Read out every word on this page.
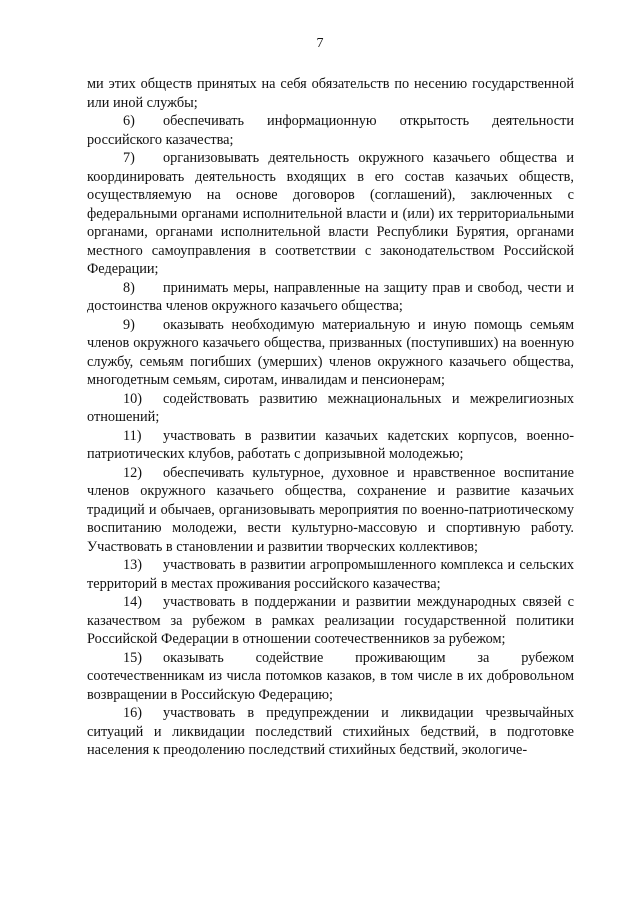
7

ми этих обществ принятых на себя обязательств по несению государственной или иной службы;

6) обеспечивать информационную открытость деятельности российского казачества;

7) организовывать деятельность окружного казачьего общества и координировать деятельность входящих в его состав казачьих обществ, осуществляемую на основе договоров (соглашений), заключенных с федеральными органами исполнительной власти и (или) их территориальными органами, органами исполнительной власти Республики Бурятия, органами местного самоуправления в соответствии с законодательством Российской Федерации;

8) принимать меры, направленные на защиту прав и свобод, чести и достоинства членов окружного казачьего общества;

9) оказывать необходимую материальную и иную помощь семьям членов окружного казачьего общества, призванных (поступивших) на военную службу, семьям погибших (умерших) членов окружного казачьего общества, многодетным семьям, сиротам, инвалидам и пенсионерам;

10) содействовать развитию межнациональных и межрелигиозных отношений;

11) участвовать в развитии казачьих кадетских корпусов, военно-патриотических клубов, работать с допризывной молодежью;

12) обеспечивать культурное, духовное и нравственное воспитание членов окружного казачьего общества, сохранение и развитие казачьих традиций и обычаев, организовывать мероприятия по военно-патриотическому воспитанию молодежи, вести культурно-массовую и спортивную работу. Участвовать в становлении и развитии творческих коллективов;

13) участвовать в развитии агропромышленного комплекса и сельских территорий в местах проживания российского казачества;

14) участвовать в поддержании и развитии международных связей с казачеством за рубежом в рамках реализации государственной политики Российской Федерации в отношении соотечественников за рубежом;

15) оказывать содействие проживающим за рубежом соотечественникам из числа потомков казаков, в том числе в их добровольном возвращении в Российскую Федерацию;

16) участвовать в предупреждении и ликвидации чрезвычайных ситуаций и ликвидации последствий стихийных бедствий, в подготовке населения к преодолению последствий стихийных бедствий, экологиче-
